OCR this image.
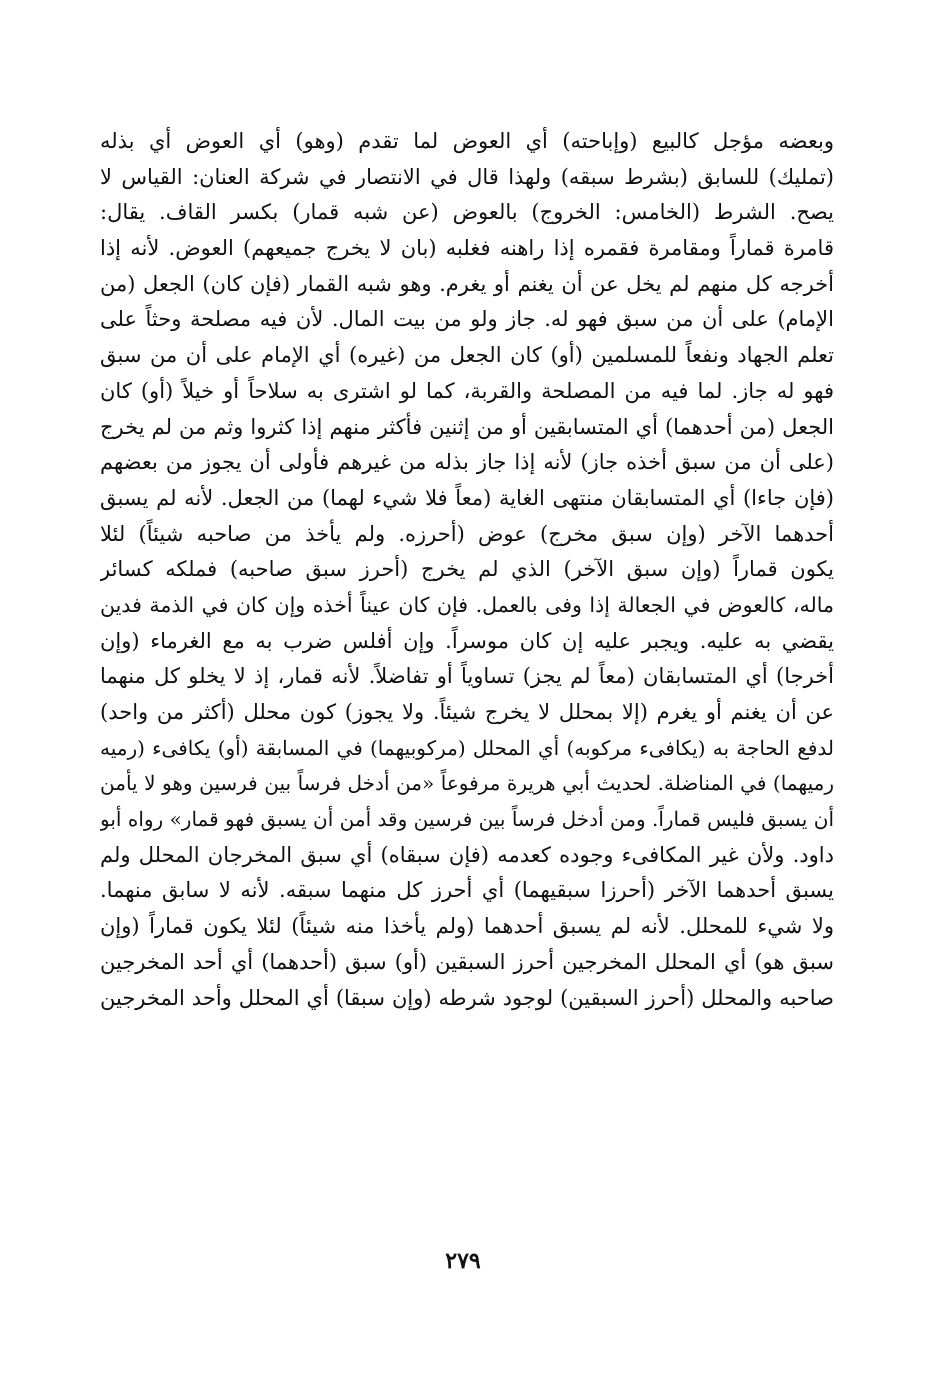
وبعضه مؤجل كالبيع (وإباحته) أي العوض لما تقدم (وهو) أي العوض أي بذله
(تمليك) للسابق (بشرط سبقه) ولهذا قال في الانتصار في شركة العنان: القياس لا
يصح. الشرط (الخامس: الخروج) بالعوض (عن شبه قمار) بكسر القاف. يقال:
قامرة قماراً ومقامرة فقمره إذا راهنه فغلبه (بان لا يخرج جميعهم) العوض. لأنه إذا
أخرجه كل منهم لم يخل عن أن يغنم أو يغرم. وهو شبه القمار (فإن كان) الجعل (من
الإمام) على أن من سبق فهو له. جاز ولو من بيت المال. لأن فيه مصلحة وحثاً على
تعلم الجهاد ونفعاً للمسلمين (أو) كان الجعل من (غيره) أي الإمام على أن من سبق
فهو له جاز. لما فيه من المصلحة والقربة، كما لو اشترى به سلاحاً أو خيلاً (أو) كان
الجعل (من أحدهما) أي المتسابقين أو من إثنين فأكثر منهم إذا كثروا وثم من لم يخرج
(على أن من سبق أخذه جاز) لأنه إذا جاز بذله من غيرهم فأولى أن يجوز من بعضهم
(فإن جاءا) أي المتسابقان منتهى الغاية (معاً فلا شيء لهما) من الجعل. لأنه لم يسبق
أحدهما الآخر (وإن سبق مخرج) عوض (أحرزه. ولم يأخذ من صاحبه شيئاً) لئلا
يكون قماراً (وإن سبق الآخر) الذي لم يخرج (أحرز سبق صاحبه) فملكه كسائر
ماله، كالعوض في الجعالة إذا وفى بالعمل. فإن كان عيناً أخذه وإن كان في الذمة فدين
يقضي به عليه. ويجبر عليه إن كان موسراً. وإن أفلس ضرب به مع الغرماء (وإن
أخرجا) أي المتسابقان (معاً لم يجز) تساوياً أو تفاضلاً. لأنه قمار، إذ لا يخلو كل منهما
عن أن يغنم أو يغرم (إلا بمحلل لا يخرج شيئاً. ولا يجوز) كون محلل (أكثر من واحد)
لدفع الحاجة به (يكافىء مركوبه) أي المحلل (مركوبيهما) في المسابقة (أو) يكافىء (رميه
رميهما) في المناضلة. لحديث أبي هريرة مرفوعاً «من أدخل فرساً بين فرسين وهو لا يأمن
أن يسبق فليس قماراً. ومن أدخل فرساً بين فرسين وقد أمن أن يسبق فهو قمار» رواه أبو
داود. ولأن غير المكافىء وجوده كعدمه (فإن سبقاه) أي سبق المخرجان المحلل ولم
يسبق أحدهما الآخر (أحرزا سبقيهما) أي أحرز كل منهما سبقه. لأنه لا سابق منهما.
ولا شيء للمحلل. لأنه لم يسبق أحدهما (ولم يأخذا منه شيئاً) لئلا يكون قماراً (وإن
سبق هو) أي المحلل المخرجين أحرز السبقين (أو) سبق (أحدهما) أي أحد المخرجين
صاحبه والمحلل (أحرز السبقين) لوجود شرطه (وإن سبقا) أي المحلل وأحد المخرجين
٢٧٩
